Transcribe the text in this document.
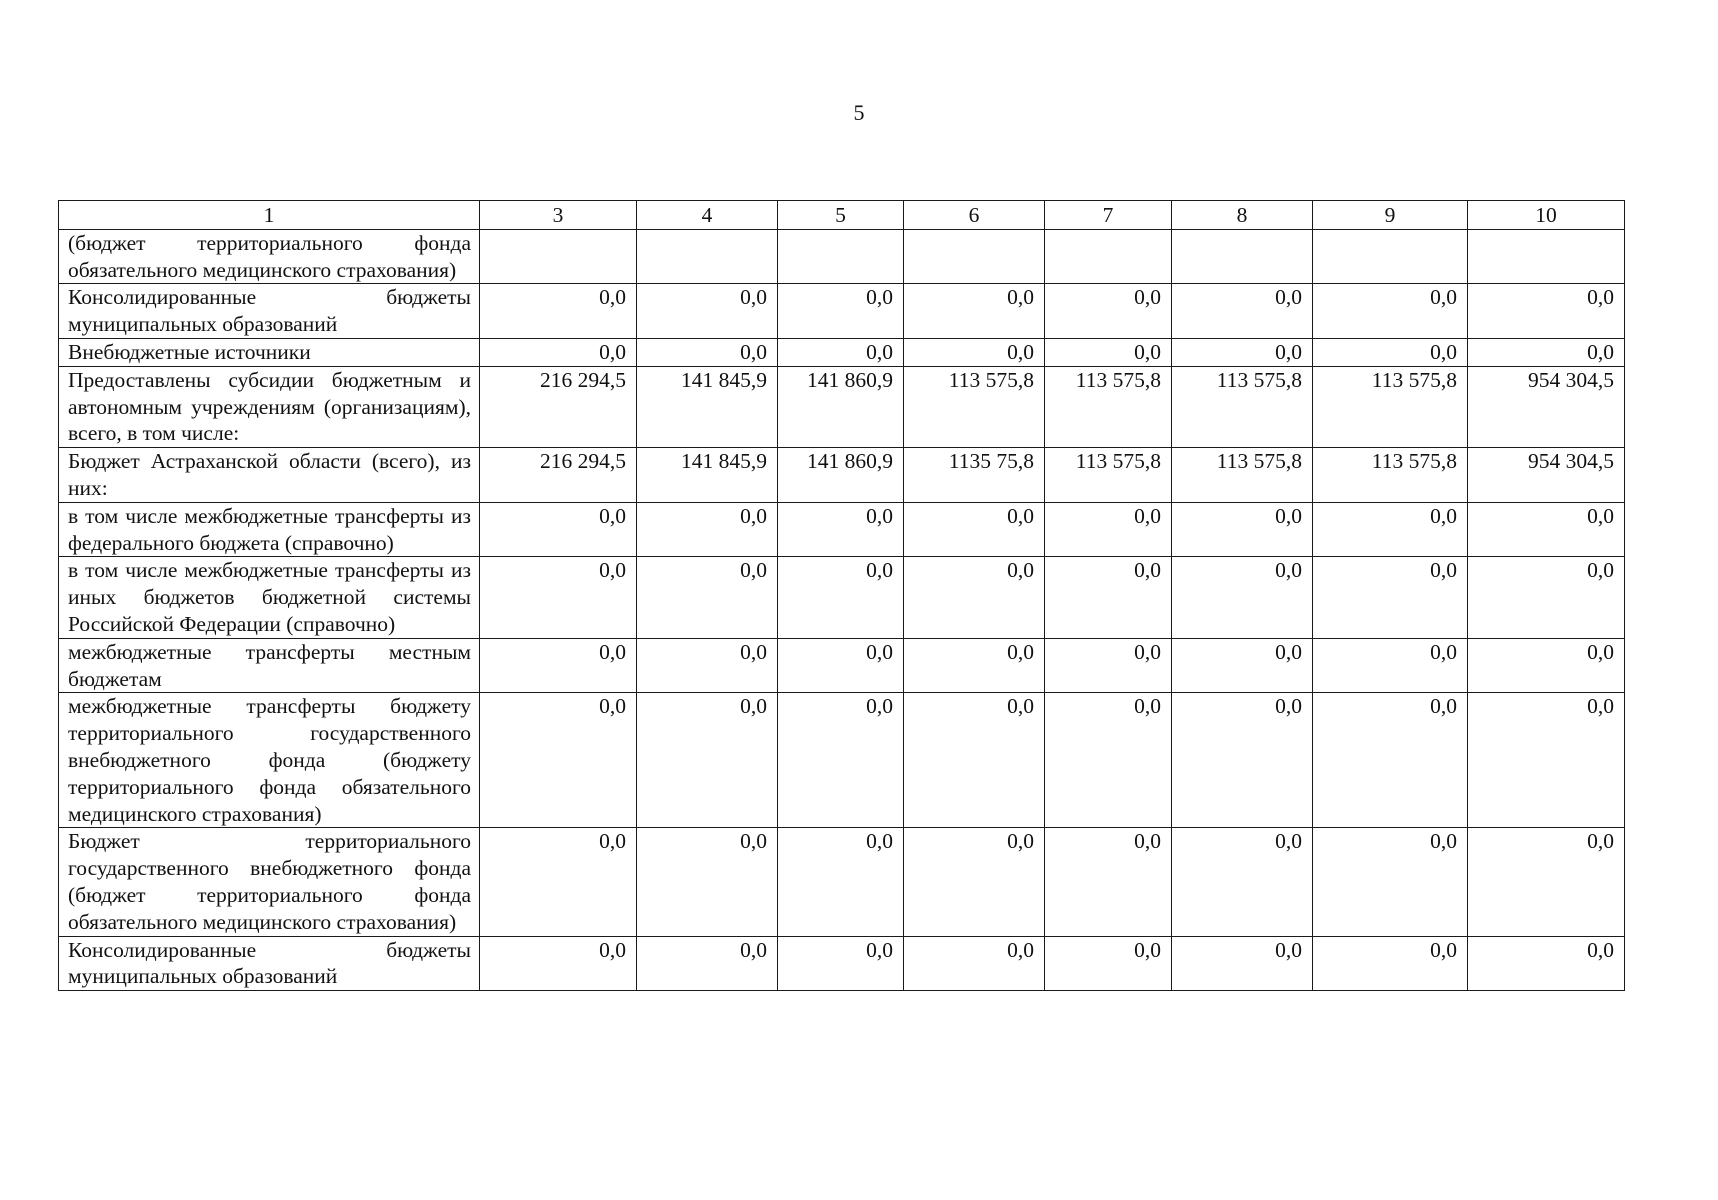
5
1	3	4	5	6	7	8	9	10
(бюджет территориального фонда обязательного медицинского страхования)								
Консолидированные бюджеты муниципальных образований	0,0	0,0	0,0	0,0	0,0	0,0	0,0	0,0
Внебюджетные источники	0,0	0,0	0,0	0,0	0,0	0,0	0,0	0,0
Предоставлены субсидии бюджетным и автономным учреждениям (организациям), всего, в том числе:	216 294,5	141 845,9	141 860,9	113 575,8	113 575,8	113 575,8	113 575,8	954 304,5
Бюджет Астраханской области (всего), из них:	216 294,5	141 845,9	141 860,9	1135 75,8	113 575,8	113 575,8	113 575,8	954 304,5
в том числе межбюджетные трансферты из федерального бюджета (справочно)	0,0	0,0	0,0	0,0	0,0	0,0	0,0	0,0
в том числе межбюджетные трансферты из иных бюджетов бюджетной системы Российской Федерации (справочно)	0,0	0,0	0,0	0,0	0,0	0,0	0,0	0,0
межбюджетные трансферты местным бюджетам	0,0	0,0	0,0	0,0	0,0	0,0	0,0	0,0
межбюджетные трансферты бюджету территориального государственного внебюджетного фонда (бюджету территориального фонда обязательного медицинского страхования)	0,0	0,0	0,0	0,0	0,0	0,0	0,0	0,0
Бюджет территориального государственного внебюджетного фонда (бюджет территориального фонда обязательного медицинского страхования)	0,0	0,0	0,0	0,0	0,0	0,0	0,0	0,0
Консолидированные бюджеты муниципальных образований	0,0	0,0	0,0	0,0	0,0	0,0	0,0	0,0
